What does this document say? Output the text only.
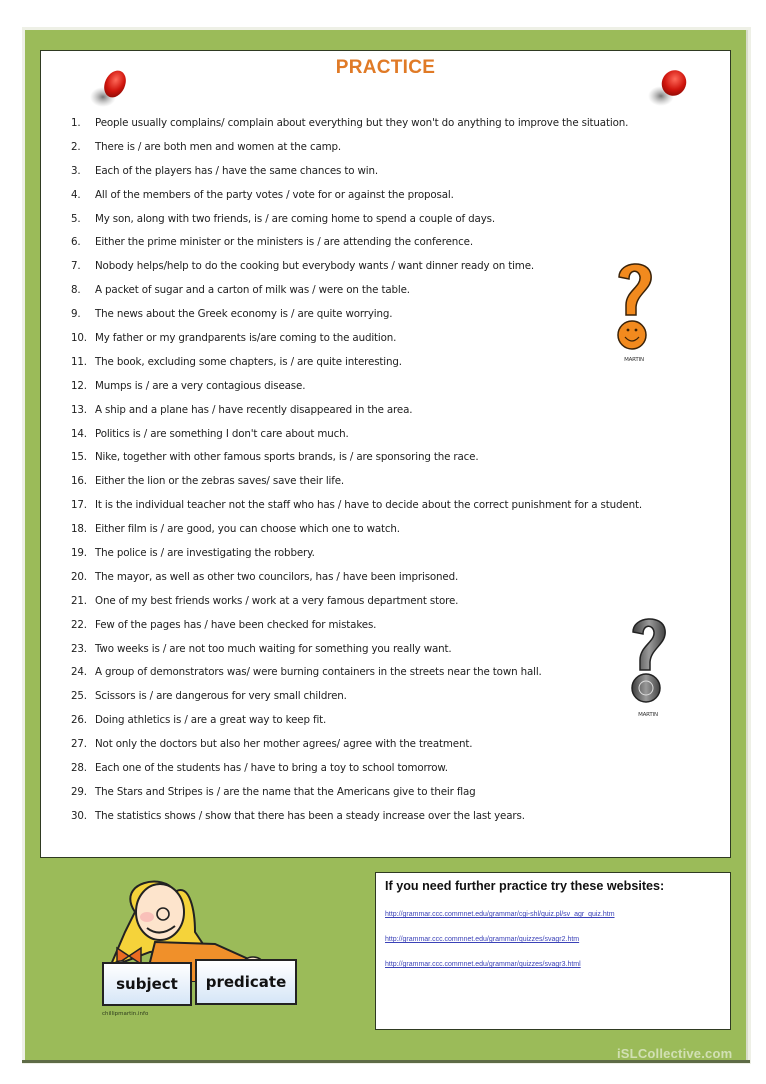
PRACTICE
1.	People usually complains/ complain about everything but they won't do anything to improve the situation.
2.	There is / are both men and women at the camp.
3.	Each of the players has / have the same chances to win.
4.	All of the members of the party votes / vote for or against the proposal.
5.	My son, along with two friends, is / are coming home to spend a couple of days.
6.	Either the prime minister or the ministers is / are attending the conference.
7.	Nobody helps/help to do the cooking but everybody wants / want dinner ready on time.
8.	A packet of sugar and a carton of milk was / were on the table.
9.	The news about the Greek economy is / are quite worrying.
10. My father or my grandparents is/are coming to the audition.
11. The book, excluding some chapters, is / are quite interesting.
12. Mumps is / are a very contagious disease.
13. A ship and a plane has / have recently disappeared in the area.
14. Politics is / are something I don't care about much.
15. Nike, together with other famous sports brands, is / are sponsoring the race.
16. Either the lion or the zebras saves/ save their life.
17. It is the individual teacher not the staff who has / have to decide about the correct punishment for a student.
18. Either film is / are good, you can choose which one to watch.
19. The police is / are investigating the robbery.
20. The mayor, as well as other two councilors, has / have been imprisoned.
21. One of my best friends works / work at a very famous department store.
22. Few of the pages has / have been checked for mistakes.
23. Two weeks is / are not too much waiting for something you really want.
24. A group of demonstrators was/ were burning containers in the streets near the town hall.
25. Scissors is / are dangerous for very small children.
26. Doing athletics is / are a great way to keep fit.
27. Not only the doctors but also her mother agrees/ agree with the treatment.
28. Each one of the students has / have to bring a toy to school tomorrow.
29. The Stars and Stripes is / are the name that the Americans give to their flag
30. The statistics shows / show that there has been a steady increase over the last years.
MARTIN
MARTIN
subject	predicate
chillipmartin.info
If you need further practice try these websites:
http://grammar.ccc.commnet.edu/grammar/cgi-shl/quiz.pl/sv_agr_quiz.htm
http://grammar.ccc.commnet.edu/grammar/quizzes/svagr2.htm
http://grammar.ccc.commnet.edu/grammar/quizzes/svagr3.html
iSLCollective.com
